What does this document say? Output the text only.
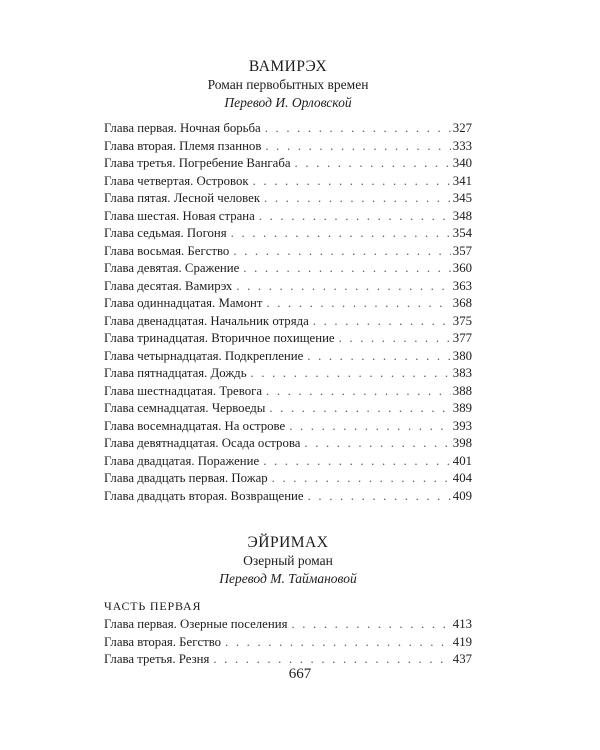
ВАМИРЭХ
Роман первобытных времен
Перевод И. Орловской
Глава первая. Ночная борьба . . .	327
Глава вторая. Племя пзаннов . . .	333
Глава третья. Погребение Вангаба . . .	340
Глава четвертая. Островок . . .	341
Глава пятая. Лесной человек . . .	345
Глава шестая. Новая страна . . .	348
Глава седьмая. Погоня . . .	354
Глава восьмая. Бегство . . .	357
Глава девятая. Сражение . . .	360
Глава десятая. Вамирэх . . .	363
Глава одиннадцатая. Мамонт . . .	368
Глава двенадцатая. Начальник отряда . . .	375
Глава тринадцатая. Вторичное похищение . . .	377
Глава четырнадцатая. Подкрепление . . .	380
Глава пятнадцатая. Дождь . . .	383
Глава шестнадцатая. Тревога . . .	388
Глава семнадцатая. Червоеды . . .	389
Глава восемнадцатая. На острове . . .	393
Глава девятнадцатая. Осада острова . . .	398
Глава двадцатая. Поражение . . .	401
Глава двадцать первая. Пожар . . .	404
Глава двадцать вторая. Возвращение . . .	409
ЭЙРИМАХ
Озерный роман
Перевод М. Таймановой
ЧАСТЬ ПЕРВАЯ
Глава первая. Озерные поселения . . .	413
Глава вторая. Бегство . . .	419
Глава третья. Резня . . .	437
667
